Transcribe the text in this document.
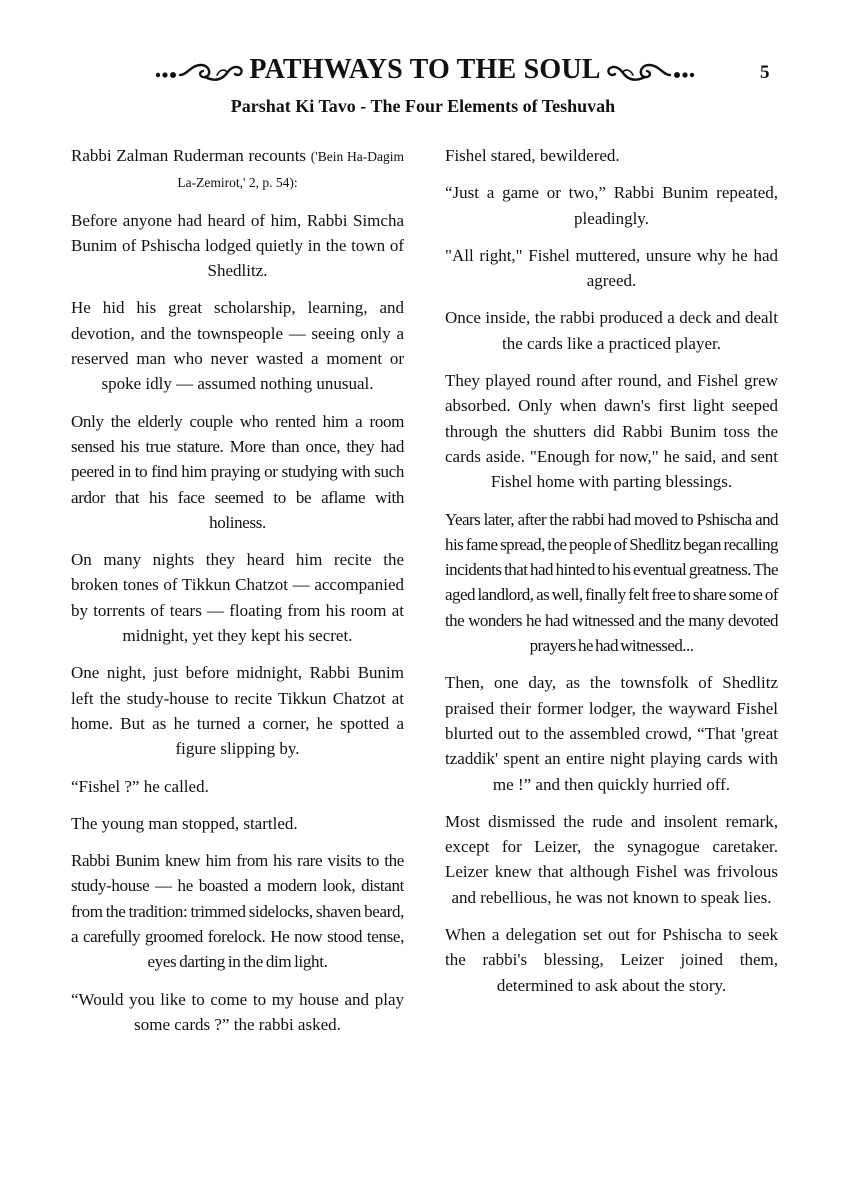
PATHWAYS TO THE SOUL	5
Parshat Ki Tavo - The Four Elements of Teshuvah

Rabbi Zalman Ruderman recounts ('Bein Ha-Dagim La-Zemirot,' 2, p. 54):

Before anyone had heard of him, Rabbi Simcha Bunim of Pshischa lodged quietly in the town of Shedlitz.

He hid his great scholarship, learning, and devotion, and the townspeople — seeing only a reserved man who never wasted a moment or spoke idly — assumed nothing unusual.

Only the elderly couple who rented him a room sensed his true stature. More than once, they had peered in to find him praying or studying with such ardor that his face seemed to be aflame with holiness.

On many nights they heard him recite the broken tones of Tikkun Chatzot — accompanied by torrents of tears — floating from his room at midnight, yet they kept his secret.

One night, just before midnight, Rabbi Bunim left the study-house to recite Tikkun Chatzot at home. But as he turned a corner, he spotted a figure slipping by.

“Fishel ?” he called.

The young man stopped, startled.

Rabbi Bunim knew him from his rare visits to the study-house — he boasted a modern look, distant from the tradition: trimmed sidelocks, shaven beard, a carefully groomed forelock. He now stood tense, eyes darting in the dim light.

“Would you like to come to my house and play some cards ?” the rabbi asked.

Fishel stared, bewildered.

“Just a game or two,” Rabbi Bunim repeated, pleadingly.

"All right," Fishel muttered, unsure why he had agreed.

Once inside, the rabbi produced a deck and dealt the cards like a practiced player.

They played round after round, and Fishel grew absorbed. Only when dawn's first light seeped through the shutters did Rabbi Bunim toss the cards aside. "Enough for now," he said, and sent Fishel home with parting blessings.

Years later, after the rabbi had moved to Pshischa and his fame spread, the people of Shedlitz began recalling incidents that had hinted to his eventual greatness. The aged landlord, as well, finally felt free to share some of the wonders he had witnessed and the many devoted prayers he had witnessed...

Then, one day, as the townsfolk of Shedlitz praised their former lodger, the wayward Fishel blurted out to the assembled crowd, “That 'great tzaddik' spent an entire night playing cards with me !” and then quickly hurried off.

Most dismissed the rude and insolent remark, except for Leizer, the synagogue caretaker. Leizer knew that although Fishel was frivolous and rebellious, he was not known to speak lies.

When a delegation set out for Pshischa to seek the rabbi's blessing, Leizer joined them, determined to ask about the story.
